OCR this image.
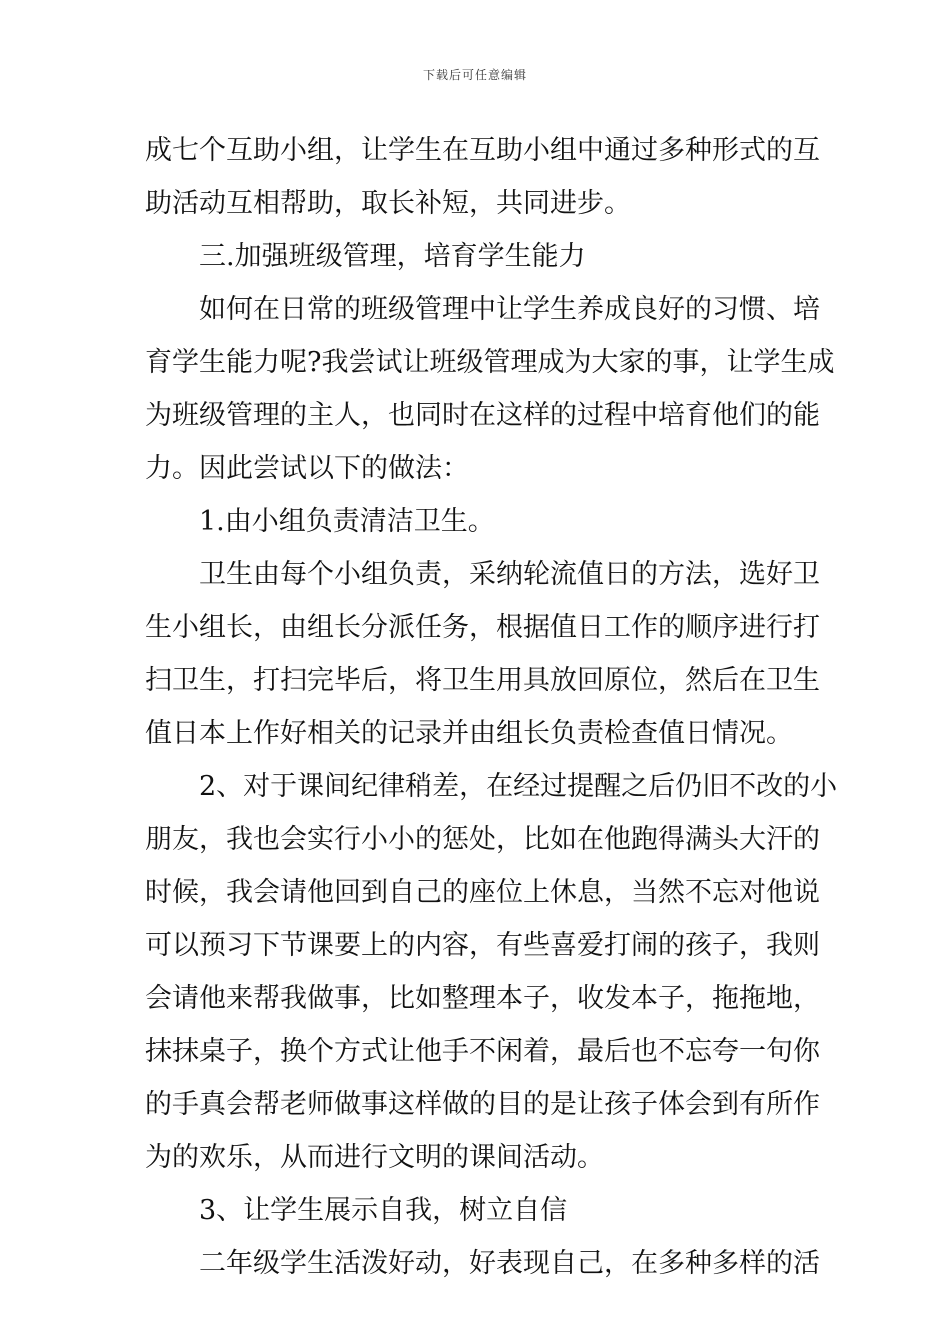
下载后可任意编辑
成七个互助小组，让学生在互助小组中通过多种形式的互
助活动互相帮助，取长补短，共同进步。
三.加强班级管理，培育学生能力
如何在日常的班级管理中让学生养成良好的习惯、培
育学生能力呢?我尝试让班级管理成为大家的事，让学生成
为班级管理的主人，也同时在这样的过程中培育他们的能
力。因此尝试以下的做法：
1.由小组负责清洁卫生。
卫生由每个小组负责，采纳轮流值日的方法，选好卫
生小组长，由组长分派任务，根据值日工作的顺序进行打
扫卫生，打扫完毕后，将卫生用具放回原位，然后在卫生
值日本上作好相关的记录并由组长负责检查值日情况。
2、对于课间纪律稍差，在经过提醒之后仍旧不改的小
朋友，我也会实行小小的惩处，比如在他跑得满头大汗的
时候，我会请他回到自己的座位上休息，当然不忘对他说
可以预习下节课要上的内容，有些喜爱打闹的孩子，我则
会请他来帮我做事，比如整理本子，收发本子，拖拖地，
抹抹桌子，换个方式让他手不闲着，最后也不忘夸一句你
的手真会帮老师做事这样做的目的是让孩子体会到有所作
为的欢乐，从而进行文明的课间活动。
3、让学生展示自我，树立自信
二年级学生活泼好动，好表现自己，在多种多样的活
